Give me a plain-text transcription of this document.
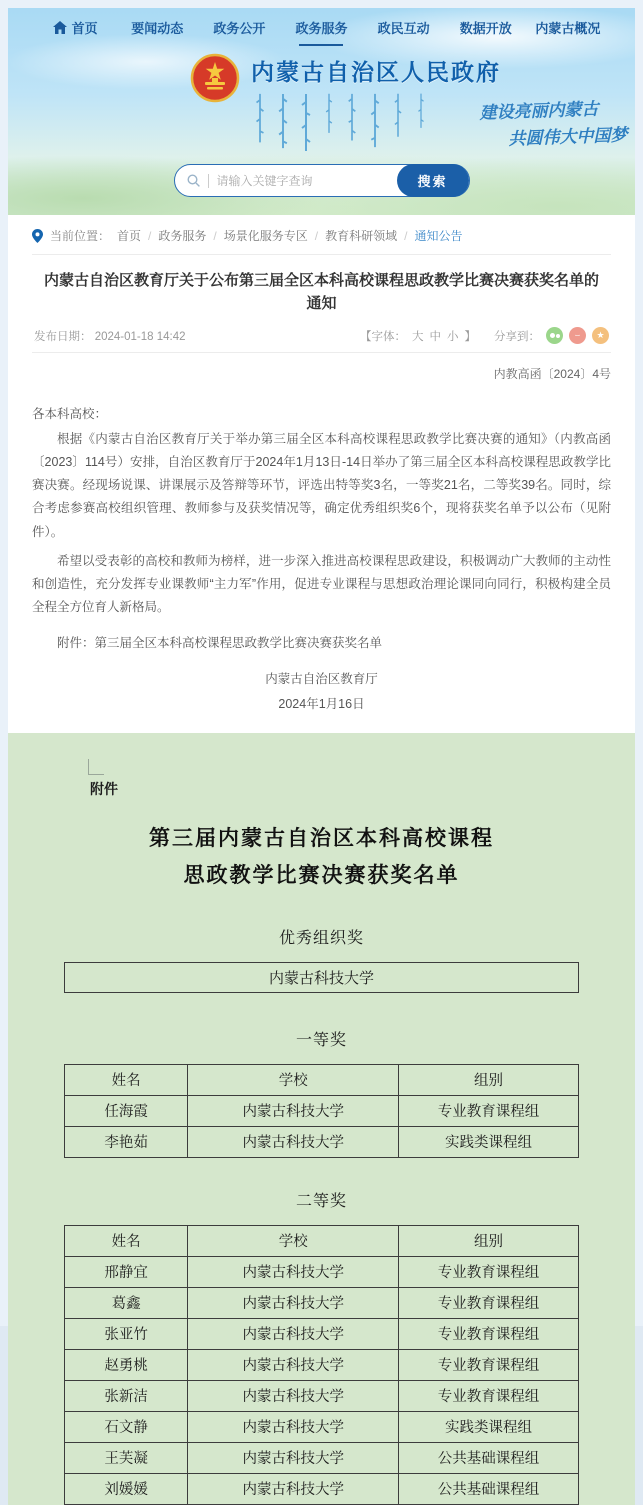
首页	要闻动态 政务公开 政务服务 政民互动 数据开放 内蒙古概况
内蒙古自治区人民政府
建设亮丽内蒙古
共圆伟大中国梦
请输入关键字查询
搜索
当前位置： 首页 / 政务服务 / 场景化服务专区 / 教育科研领域 / 通知公告
内蒙古自治区教育厅关于公布第三届全区本科高校课程思政教学比赛决赛获奖名单的通知
发布日期： 2024-01-18 14:42	【字体： 大 中 小 】 分享到：	⌣	★
内教高函〔2024〕4号
各本科高校：

根据《内蒙古自治区教育厅关于举办第三届全区本科高校课程思政教学比赛决赛的通知》（内教高函〔2023〕114号）安排，自治区教育厅于2024年1月13日-14日举办了第三届全区本科高校课程思政教学比赛决赛。经现场说课、讲课展示及答辩等环节，评选出特等奖3名，一等奖21名，二等奖39名。同时，综合考虑参赛高校组织管理、教师参与及获奖情况等，确定优秀组织奖6个，现将获奖名单予以公布（见附件）。

希望以受表彰的高校和教师为榜样，进一步深入推进高校课程思政建设，积极调动广大教师的主动性和创造性，充分发挥专业课教师“主力军”作用，促进专业课程与思想政治理论课同向同行，积极构建全员全程全方位育人新格局。

附件：第三届全区本科高校课程思政教学比赛决赛获奖名单
内蒙古自治区教育厅
2024年1月16日
附件
第三届内蒙古自治区本科高校课程
思政教学比赛决赛获奖名单
优秀组织奖
内蒙古科技大学
一等奖
姓名	学校	组别
任海霞	内蒙古科技大学	专业教育课程组
李艳茹	内蒙古科技大学	实践类课程组
二等奖
姓名	学校	组别
邢静宜	内蒙古科技大学	专业教育课程组
葛鑫	内蒙古科技大学	专业教育课程组
张亚竹	内蒙古科技大学	专业教育课程组
赵勇桃	内蒙古科技大学	专业教育课程组
张新洁	内蒙古科技大学	专业教育课程组
石文静	内蒙古科技大学	实践类课程组
王芙凝	内蒙古科技大学	公共基础课程组
刘媛媛	内蒙古科技大学	公共基础课程组
